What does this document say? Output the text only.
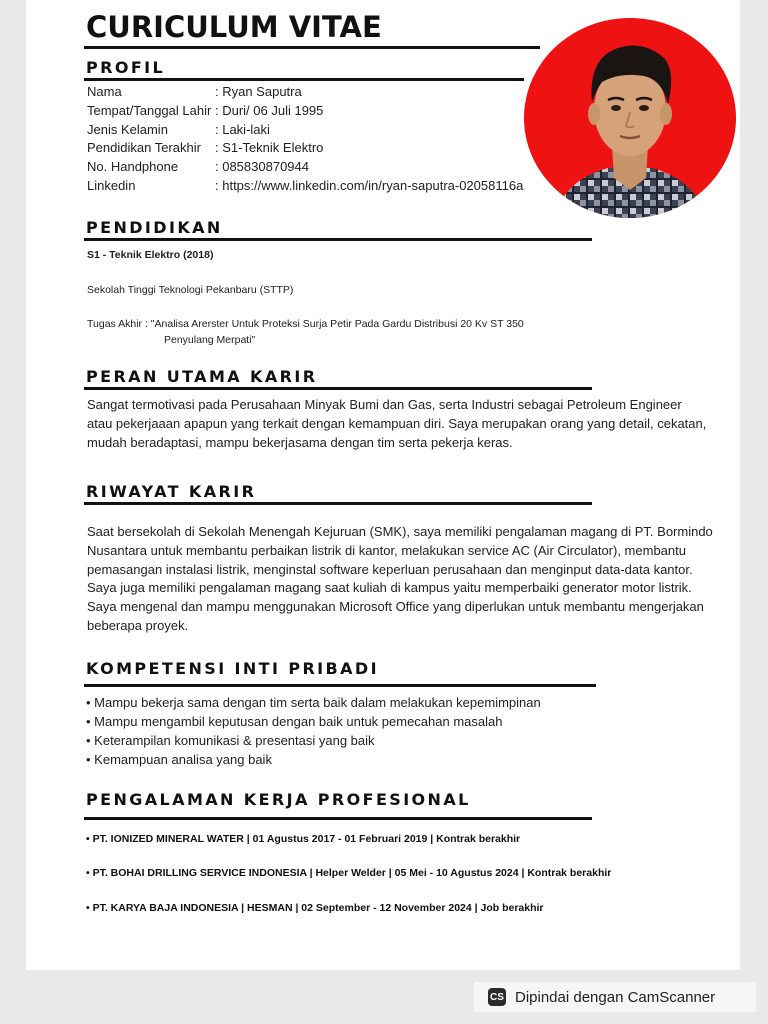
CURICULUM VITAE
PROFIL
Nama	: Ryan Saputra
Tempat/Tanggal Lahir : Duri/ 06 Juli 1995
Jenis Kelamin	: Laki-laki
Pendidikan Terakhir : S1-Teknik Elektro
No. Handphone	: 085830870944
Linkedin	: https://www.linkedin.com/in/ryan-saputra-02058116a
PENDIDIKAN
S1 - Teknik Elektro (2018)
Sekolah Tinggi Teknologi Pekanbaru (STTP)
Tugas Akhir : "Analisa Arerster Untuk Proteksi Surja Petir Pada Gardu Distribusi 20 Kv ST 350
Penyulang Merpati"
PERAN UTAMA KARIR
Sangat termotivasi pada Perusahaan Minyak Bumi dan Gas, serta Industri sebagai Petroleum Engineer
atau pekerjaaan apapun yang terkait dengan kemampuan diri. Saya merupakan orang yang detail, cekatan,
mudah beradaptasi, mampu bekerjasama dengan tim serta pekerja keras.
RIWAYAT KARIR
Saat bersekolah di Sekolah Menengah Kejuruan (SMK), saya memiliki pengalaman magang di PT. Bormindo
Nusantara untuk membantu perbaikan listrik di kantor, melakukan service AC (Air Circulator), membantu
pemasangan instalasi listrik, menginstal software keperluan perusahaan dan menginput data-data kantor.
Saya juga memiliki pengalaman magang saat kuliah di kampus yaitu memperbaiki generator motor listrik.
Saya mengenal dan mampu menggunakan Microsoft Office yang diperlukan untuk membantu mengerjakan
beberapa proyek.
KOMPETENSI INTI PRIBADI
• Mampu bekerja sama dengan tim serta baik dalam melakukan kepemimpinan
• Mampu mengambil keputusan dengan baik untuk pemecahan masalah
• Keterampilan komunikasi & presentasi yang baik
• Kemampuan analisa yang baik
PENGALAMAN KERJA PROFESIONAL
• PT. IONIZED MINERAL WATER | 01 Agustus 2017 - 01 Februari 2019 | Kontrak berakhir
• PT. BOHAI DRILLING SERVICE INDONESIA | Helper Welder | 05 Mei - 10 Agustus 2024 | Kontrak berakhir
• PT. KARYA BAJA INDONESIA | HESMAN | 02 September - 12 November 2024 | Job berakhir
CS Dipindai dengan CamScanner
